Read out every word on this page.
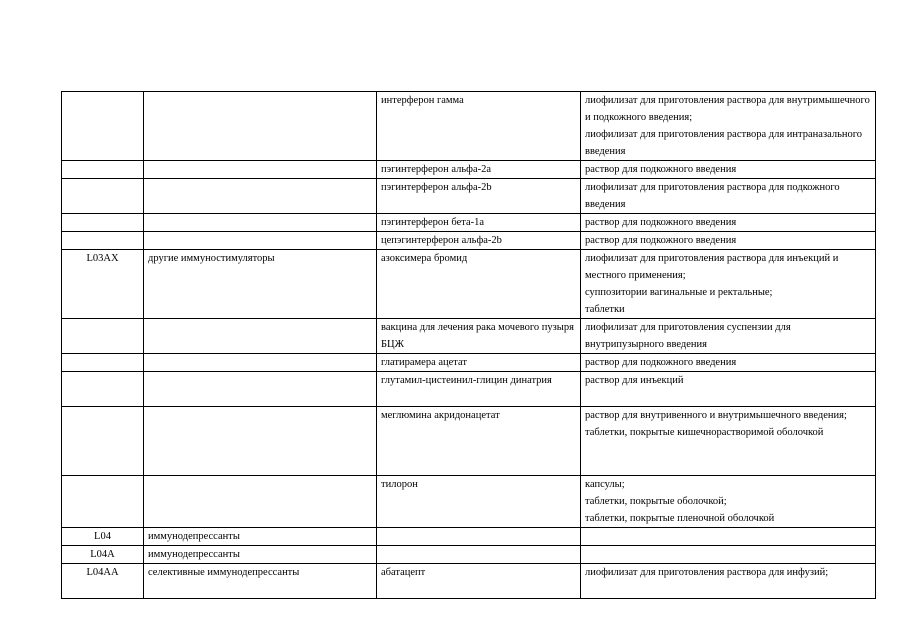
		интерферон гамма	лиофилизат для приготовления раствора для внутримышечного и подкожного введения;
лиофилизат для приготовления раствора для интраназального введения
		пэгинтерферон альфа-2a	раствор для подкожного введения
		пэгинтерферон альфа-2b	лиофилизат для приготовления раствора для подкожного введения
		пэгинтерферон бета-1a	раствор для подкожного введения
		цепэгинтерферон альфа-2b	раствор для подкожного введения
L03AX	другие иммуностимуляторы	азоксимера бромид	лиофилизат для приготовления раствора для инъекций и местного применения;
суппозитории вагинальные и ректальные;
таблетки
		вакцина для лечения рака мочевого пузыря БЦЖ	лиофилизат для приготовления суспензии для внутрипузырного введения
		глатирамера ацетат	раствор для подкожного введения
		глутамил-цистеинил-глицин динатрия	раствор для инъекций
		меглюмина акридонацетат	раствор для внутривенного и внутримышечного введения;
таблетки, покрытые кишечнорастворимой оболочкой
		тилорон	капсулы;
таблетки, покрытые оболочкой;
таблетки, покрытые пленочной оболочкой
L04	иммунодепрессанты		
L04A	иммунодепрессанты		
L04AA	селективные иммунодепрессанты	абатацепт	лиофилизат для приготовления раствора для инфузий;
